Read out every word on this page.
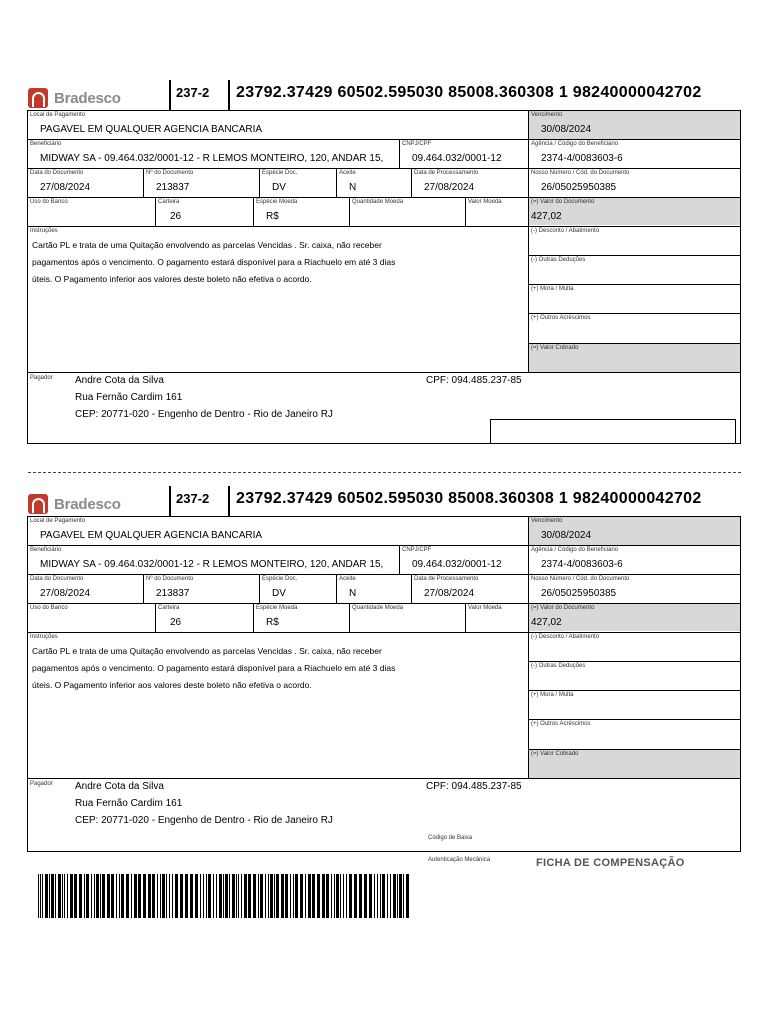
Bradesco	237-2 23792.37429 60502.595030 85008.360308 1 98240000042702
Local de Pagamento
PAGAVEL EM QUALQUER AGENCIA BANCARIA
Vencimento
30/08/2024
Beneficiário
MIDWAY SA - 09.464.032/0001-12 - R LEMOS MONTEIRO, 120, ANDAR 15,
CNPJ/CPF
09.464.032/0001-12
Agência / Código do Beneficiário
2374-4/0083603-6
Data do Documento
27/08/2024
Nº do Documento
213837
Espécie Doc.
DV
Aceite
N
Data de Processamento
27/08/2024
Nosso Número / Cód. do Documento
26/05025950385
Uso do Banco	Carteira
26
Espécie Moeda
R$
Quantidade Moeda	Valor Moeda	(=) Valor do Documento
427,02
Instruções
Cartão PL e trata de uma Quitação envolvendo as parcelas Vencidas . Sr. caixa, não receber
pagamentos após o vencimento. O pagamento estará disponível para a Riachuelo em até 3 dias
úteis. O Pagamento inferior aos valores deste boleto não efetiva o acordo.
(-) Desconto / Abatimento
(-) Outras Deduções
(+) Mora / Multa
(+) Outros Acréscimos
(=) Valor Cobrado
Pagador Andre Cota da Silva	CPF: 094.485.237-85
Rua Fernão Cardim 161
CEP: 20771-020 - Engenho de Dentro - Rio de Janeiro RJ
Bradesco	237-2 23792.37429 60502.595030 85008.360308 1 98240000042702
Local de Pagamento
PAGAVEL EM QUALQUER AGENCIA BANCARIA
Vencimento
30/08/2024
Beneficiário
MIDWAY SA - 09.464.032/0001-12 - R LEMOS MONTEIRO, 120, ANDAR 15,
CNPJ/CPF
09.464.032/0001-12
Agência / Código do Beneficiário
2374-4/0083603-6
Data do Documento
27/08/2024
Nº do Documento
213837
Espécie Doc.
DV
Aceite
N
Data de Processamento
27/08/2024
Nosso Número / Cód. do Documento
26/05025950385
Uso do Banco	Carteira
26
Espécie Moeda
R$
Quantidade Moeda	Valor Moeda	(=) Valor do Documento
427,02
Instruções
Cartão PL e trata de uma Quitação envolvendo as parcelas Vencidas . Sr. caixa, não receber
pagamentos após o vencimento. O pagamento estará disponível para a Riachuelo em até 3 dias
úteis. O Pagamento inferior aos valores deste boleto não efetiva o acordo.
(-) Desconto / Abatimento
(-) Outras Deduções
(+) Mora / Multa
(+) Outros Acréscimos
(=) Valor Cobrado
Pagador Andre Cota da Silva	CPF: 094.485.237-85
Rua Fernão Cardim 161
CEP: 20771-020 - Engenho de Dentro - Rio de Janeiro RJ
Código de Baixa
Autenticação Mecânica	FICHA DE COMPENSAÇÃO
